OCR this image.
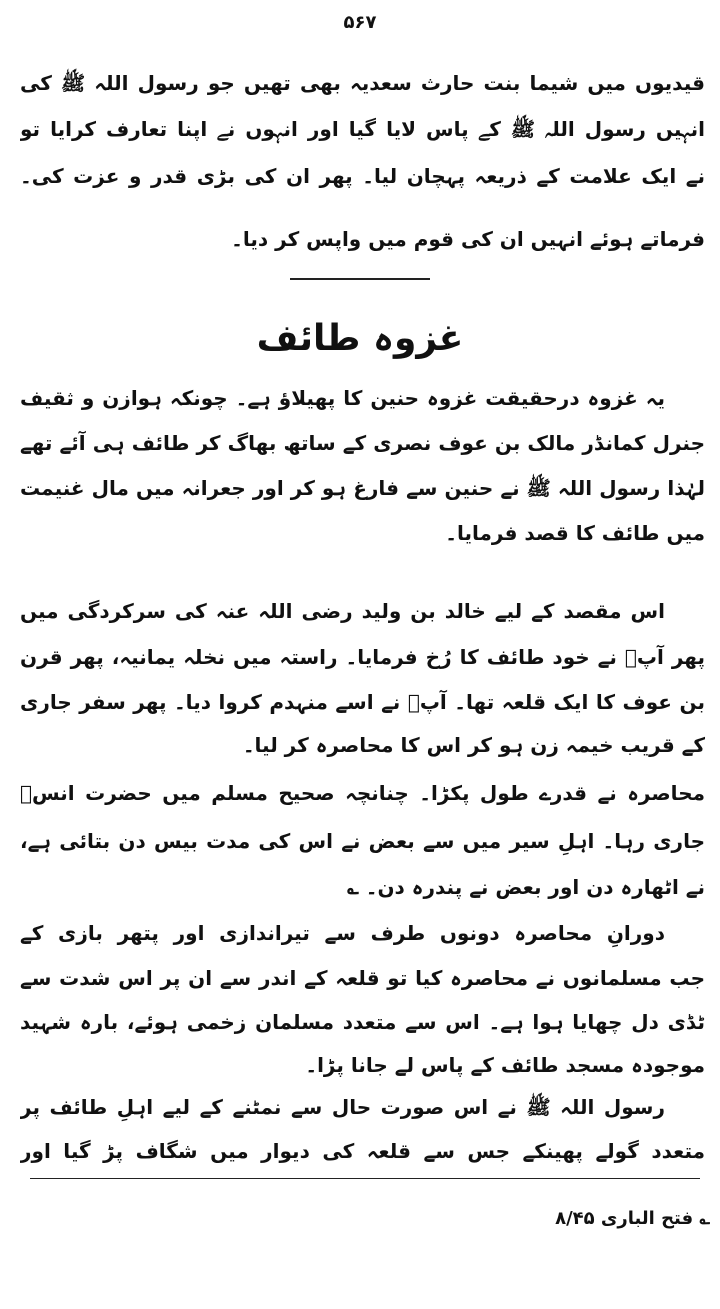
۵۶۷
قیدیوں میں شیما بنت حارث سعدیہ بھی تھیں جو رسول اللہ ﷺ کی
انہیں رسول اللہ ﷺ کے پاس لایا گیا اور انہوں نے اپنا تعارف کرایا تو
نے ایک علامت کے ذریعہ پہچان لیا۔ پھر ان کی بڑی قدر و عزت کی۔
فرماتے ہوئے انہیں ان کی قوم میں واپس کر دیا۔
غزوہ طائف
یہ غزوہ درحقیقت غزوہ حنین کا پھیلاؤ ہے۔ چونکہ ہوازن و ثقیف
جنرل کمانڈر مالک بن عوف نصری کے ساتھ بھاگ کر طائف ہی آئے تھے
لہٰذا رسول اللہ ﷺ نے حنین سے فارغ ہو کر اور جعرانہ میں مال غنیمت
میں طائف کا قصد فرمایا۔
اس مقصد کے لیے خالد بن ولید رضی اللہ عنہ کی سرکردگی میں
پھر آپؐ نے خود طائف کا رُخ فرمایا۔ راستہ میں نخلہ یمانیہ، پھر قرن
بن عوف کا ایک قلعہ تھا۔ آپؐ نے اسے منہدم کروا دیا۔ پھر سفر جاری
کے قریب خیمہ زن ہو کر اس کا محاصرہ کر لیا۔
محاصرہ نے قدرے طول پکڑا۔ چنانچہ صحیح مسلم میں حضرت انسؓ
جاری رہا۔ اہلِ سیر میں سے بعض نے اس کی مدت بیس دن بتائی ہے،
نے اٹھارہ دن اور بعض نے پندرہ دن۔ ؎
دورانِ محاصرہ دونوں طرف سے تیراندازی اور پتھر بازی کے
جب مسلمانوں نے محاصرہ کیا تو قلعہ کے اندر سے ان پر اس شدت سے
ٹڈی دل چھایا ہوا ہے۔ اس سے متعدد مسلمان زخمی ہوئے، بارہ شہید
موجودہ مسجد طائف کے پاس لے جانا پڑا۔
رسول اللہ ﷺ نے اس صورت حال سے نمٹنے کے لیے اہلِ طائف پر
متعدد گولے پھینکے جس سے قلعہ کی دیوار میں شگاف پڑ گیا اور
؎ فتح الباری ۸/۴۵
